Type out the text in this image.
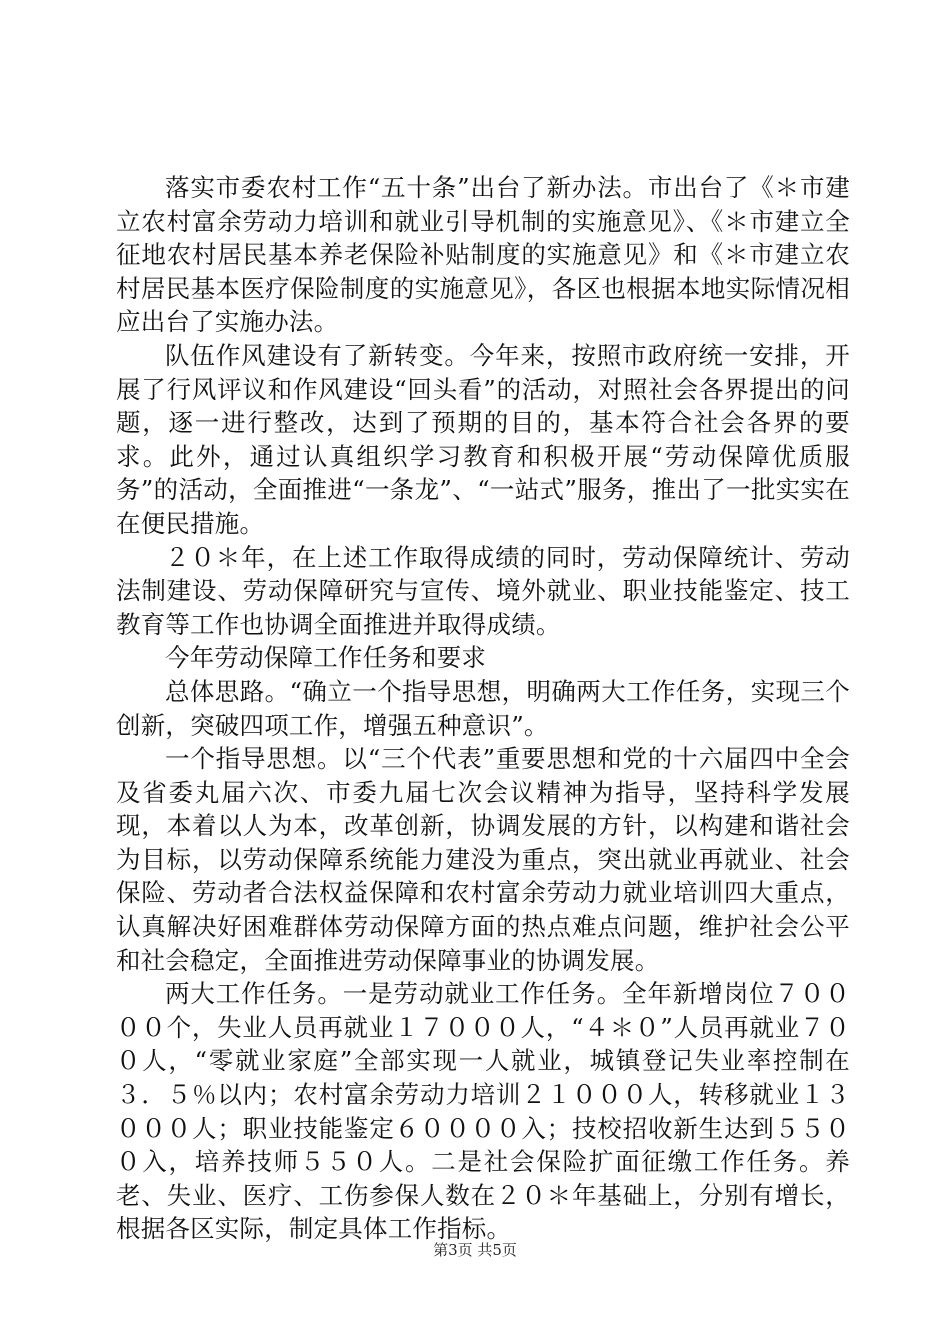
落实市委农村工作“五十条”出台了新办法。市出台了《＊市建立农村富余劳动力培训和就业引导机制的实施意见》、《＊市建立全征地农村居民基本养老保险补贴制度的实施意见》和《＊市建立农村居民基本医疗保险制度的实施意见》，各区也根据本地实际情况相应出台了实施办法。

队伍作风建设有了新转变。今年来，按照市政府统一安排，开展了行风评议和作风建设“回头看”的活动，对照社会各界提出的问题，逐一进行整改，达到了预期的目的，基本符合社会各界的要求。此外，通过认真组织学习教育和积极开展“劳动保障优质服务”的活动，全面推进“一条龙”、“一站式”服务，推出了一批实实在在便民措施。

２０＊年，在上述工作取得成绩的同时，劳动保障统计、劳动法制建设、劳动保障研究与宣传、境外就业、职业技能鉴定、技工教育等工作也协调全面推进并取得成绩。

今年劳动保障工作任务和要求

总体思路。“确立一个指导思想，明确两大工作任务，实现三个创新，突破四项工作，增强五种意识”。

一个指导思想。以“三个代表”重要思想和党的十六届四中全会及省委丸届六次、市委九届七次会议精神为指导，坚持科学发展现，本着以人为本，改革创新，协调发展的方针，以构建和谐社会为目标，以劳动保障系统能力建没为重点，突出就业再就业、社会保险、劳动者合法权益保障和农村富余劳动力就业培训四大重点，认真解决好困难群体劳动保障方面的热点难点问题，维护社会公平和社会稳定，全面推进劳动保障事业的协调发展。

两大工作任务。一是劳动就业工作任务。全年新增岗位７００００个，失业人员再就业１７０００人，“４＊０”人员再就业７００人，“零就业家庭”全部实现一人就业，城镇登记失业率控制在３．５％以内；农村富余劳动力培训２１０００人，转移就业１３０００人；职业技能鉴定６００００入；技校招收新生达到５５００入，培养技师５５０人。二是社会保险扩面征缴工作任务。养老、失业、医疗、工伤参保人数在２０＊年基础上，分别有增长，根据各区实际，制定具体工作指标。

第3页 共5页
